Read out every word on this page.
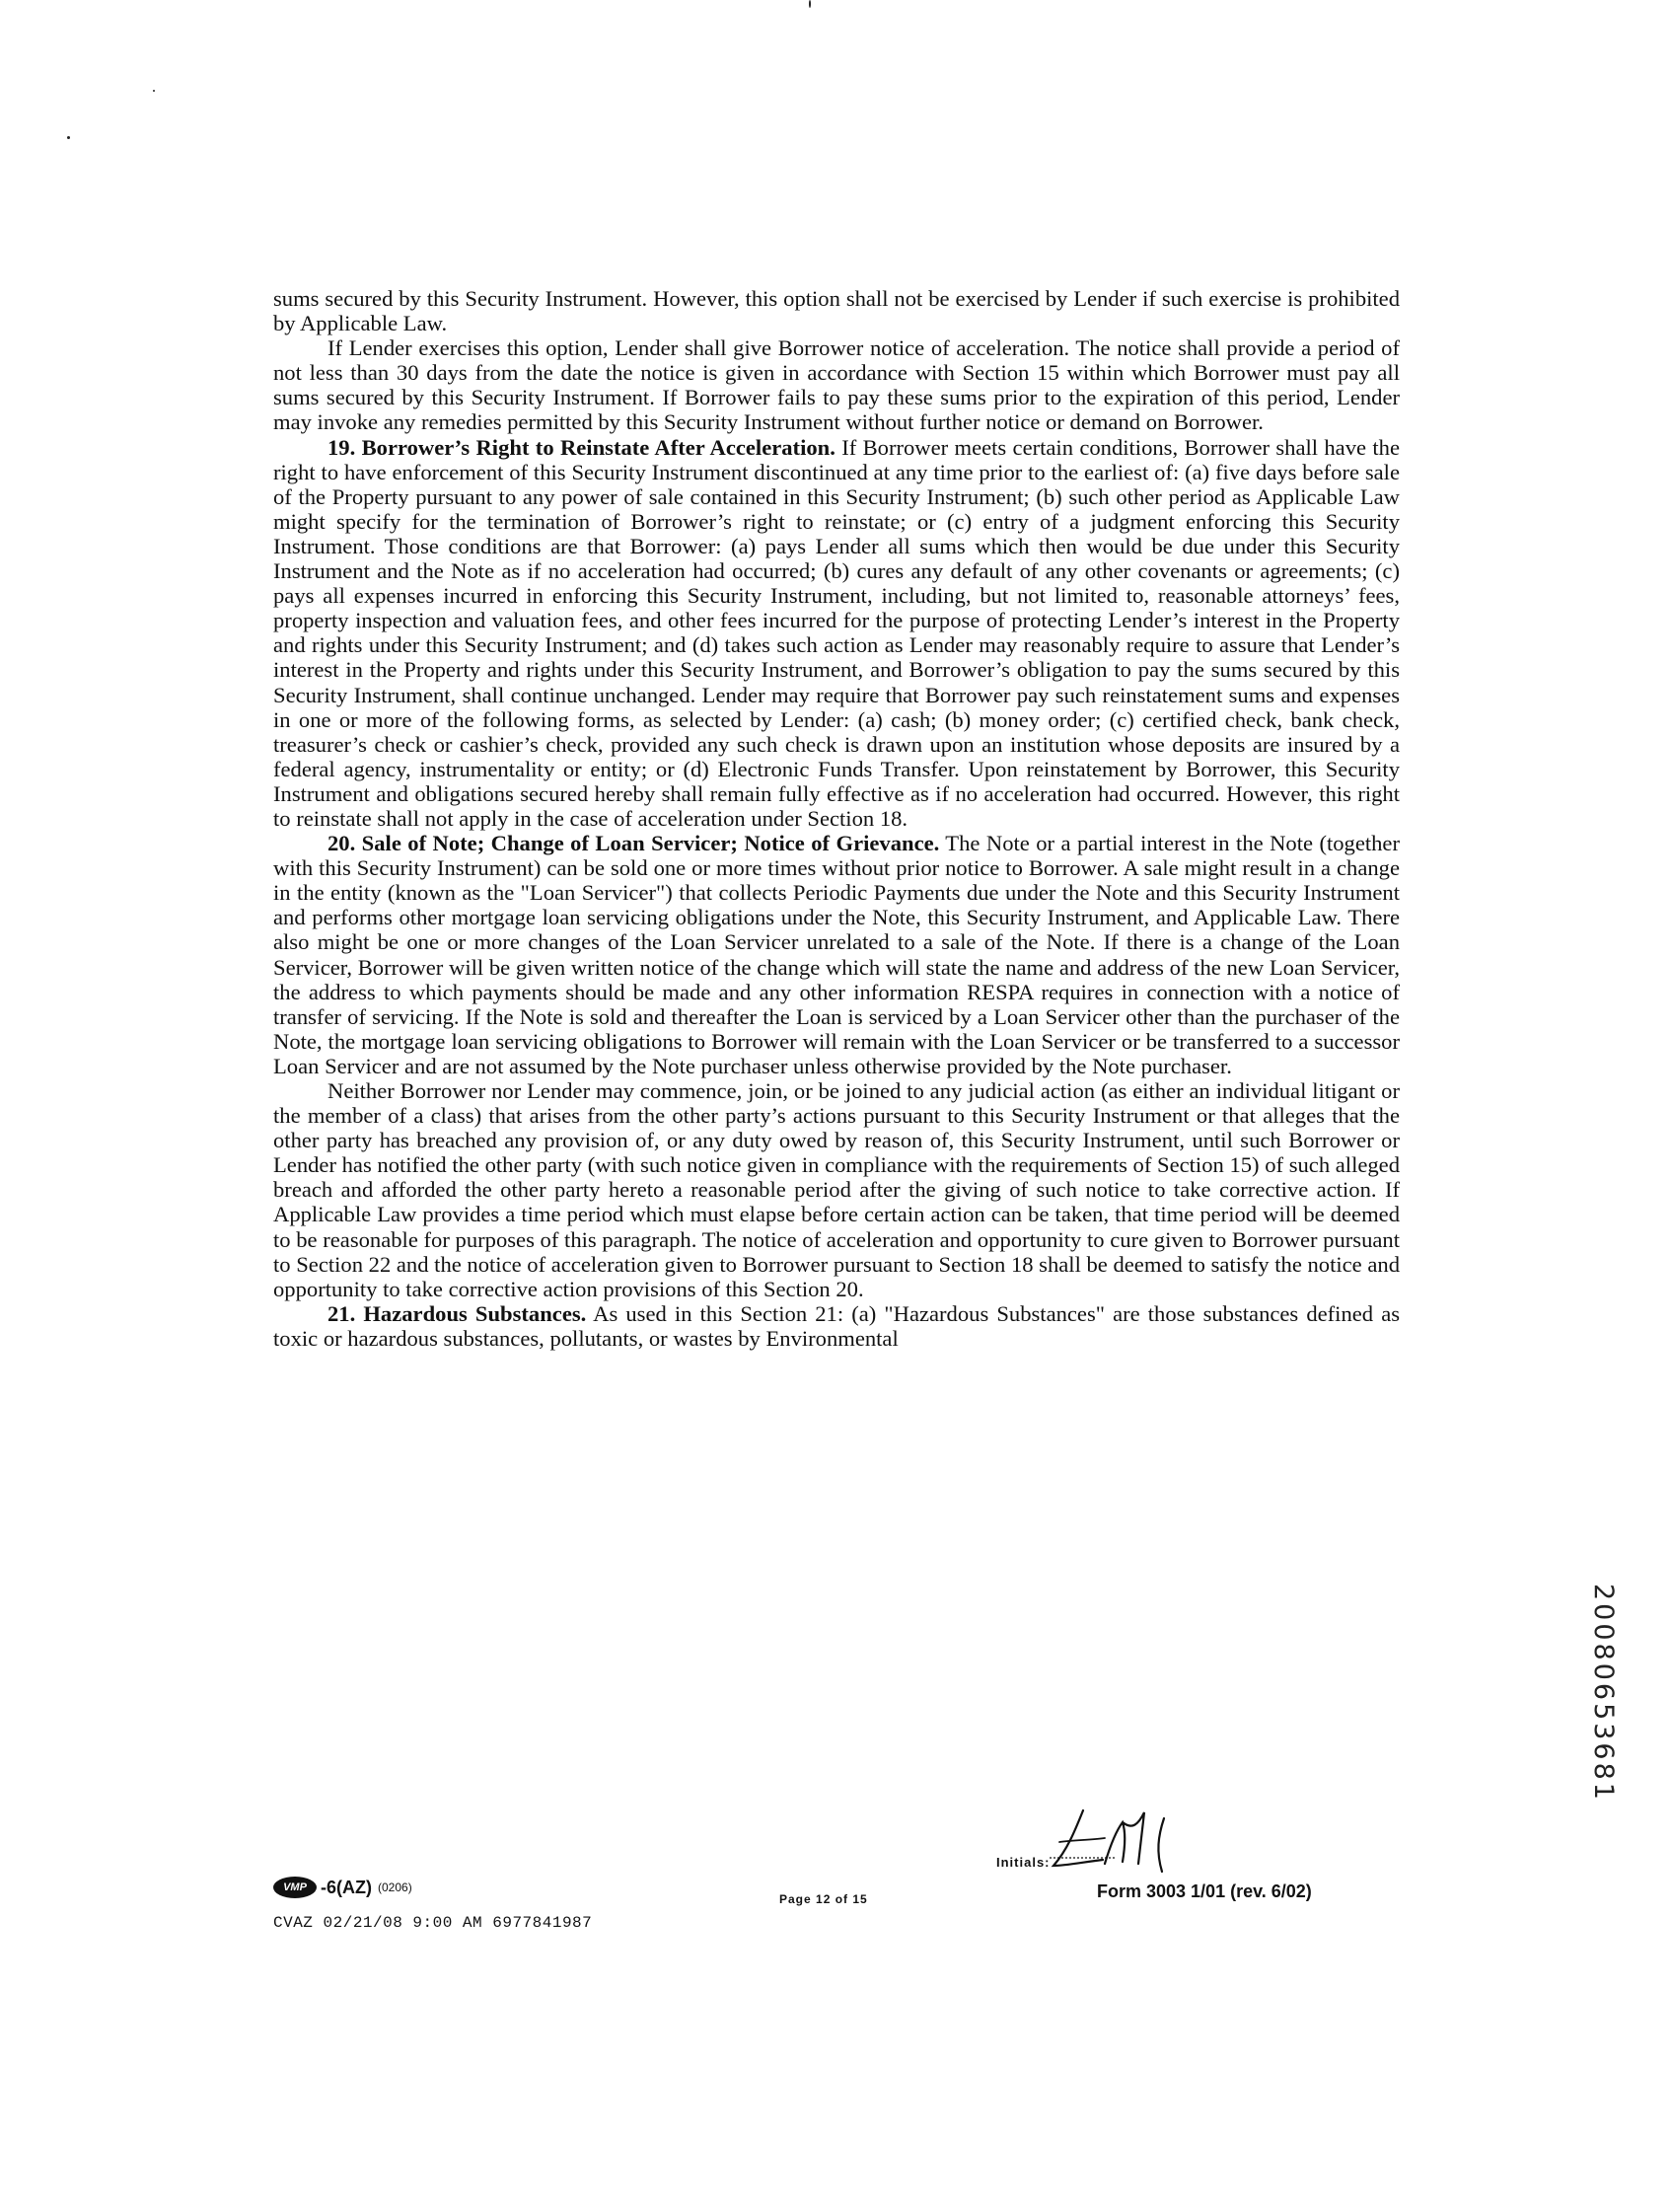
sums secured by this Security Instrument. However, this option shall not be exercised by Lender if such exercise is prohibited by Applicable Law.

If Lender exercises this option, Lender shall give Borrower notice of acceleration. The notice shall provide a period of not less than 30 days from the date the notice is given in accordance with Section 15 within which Borrower must pay all sums secured by this Security Instrument. If Borrower fails to pay these sums prior to the expiration of this period, Lender may invoke any remedies permitted by this Security Instrument without further notice or demand on Borrower.

19. Borrower’s Right to Reinstate After Acceleration. If Borrower meets certain conditions, Borrower shall have the right to have enforcement of this Security Instrument discontinued at any time prior to the earliest of: (a) five days before sale of the Property pursuant to any power of sale contained in this Security Instrument; (b) such other period as Applicable Law might specify for the termination of Borrower’s right to reinstate; or (c) entry of a judgment enforcing this Security Instrument. Those conditions are that Borrower: (a) pays Lender all sums which then would be due under this Security Instrument and the Note as if no acceleration had occurred; (b) cures any default of any other covenants or agreements; (c) pays all expenses incurred in enforcing this Security Instrument, including, but not limited to, reasonable attorneys’ fees, property inspection and valuation fees, and other fees incurred for the purpose of protecting Lender’s interest in the Property and rights under this Security Instrument; and (d) takes such action as Lender may reasonably require to assure that Lender’s interest in the Property and rights under this Security Instrument, and Borrower’s obligation to pay the sums secured by this Security Instrument, shall continue unchanged. Lender may require that Borrower pay such reinstatement sums and expenses in one or more of the following forms, as selected by Lender: (a) cash; (b) money order; (c) certified check, bank check, treasurer’s check or cashier’s check, provided any such check is drawn upon an institution whose deposits are insured by a federal agency, instrumentality or entity; or (d) Electronic Funds Transfer. Upon reinstatement by Borrower, this Security Instrument and obligations secured hereby shall remain fully effective as if no acceleration had occurred. However, this right to reinstate shall not apply in the case of acceleration under Section 18.

20. Sale of Note; Change of Loan Servicer; Notice of Grievance. The Note or a partial interest in the Note (together with this Security Instrument) can be sold one or more times without prior notice to Borrower. A sale might result in a change in the entity (known as the "Loan Servicer") that collects Periodic Payments due under the Note and this Security Instrument and performs other mortgage loan servicing obligations under the Note, this Security Instrument, and Applicable Law. There also might be one or more changes of the Loan Servicer unrelated to a sale of the Note. If there is a change of the Loan Servicer, Borrower will be given written notice of the change which will state the name and address of the new Loan Servicer, the address to which payments should be made and any other information RESPA requires in connection with a notice of transfer of servicing. If the Note is sold and thereafter the Loan is serviced by a Loan Servicer other than the purchaser of the Note, the mortgage loan servicing obligations to Borrower will remain with the Loan Servicer or be transferred to a successor Loan Servicer and are not assumed by the Note purchaser unless otherwise provided by the Note purchaser.

Neither Borrower nor Lender may commence, join, or be joined to any judicial action (as either an individual litigant or the member of a class) that arises from the other party’s actions pursuant to this Security Instrument or that alleges that the other party has breached any provision of, or any duty owed by reason of, this Security Instrument, until such Borrower or Lender has notified the other party (with such notice given in compliance with the requirements of Section 15) of such alleged breach and afforded the other party hereto a reasonable period after the giving of such notice to take corrective action. If Applicable Law provides a time period which must elapse before certain action can be taken, that time period will be deemed to be reasonable for purposes of this paragraph. The notice of acceleration and opportunity to cure given to Borrower pursuant to Section 22 and the notice of acceleration given to Borrower pursuant to Section 18 shall be deemed to satisfy the notice and opportunity to take corrective action provisions of this Section 20.

21. Hazardous Substances. As used in this Section 21: (a) "Hazardous Substances" are those substances defined as toxic or hazardous substances, pollutants, or wastes by Environmental

VMP -6(AZ) (0206)
CVAZ 02/21/08 9:00 AM 6977841987
Page 12 of 15
Initials:
Form 3003 1/01 (rev. 6/02)
20080653681
